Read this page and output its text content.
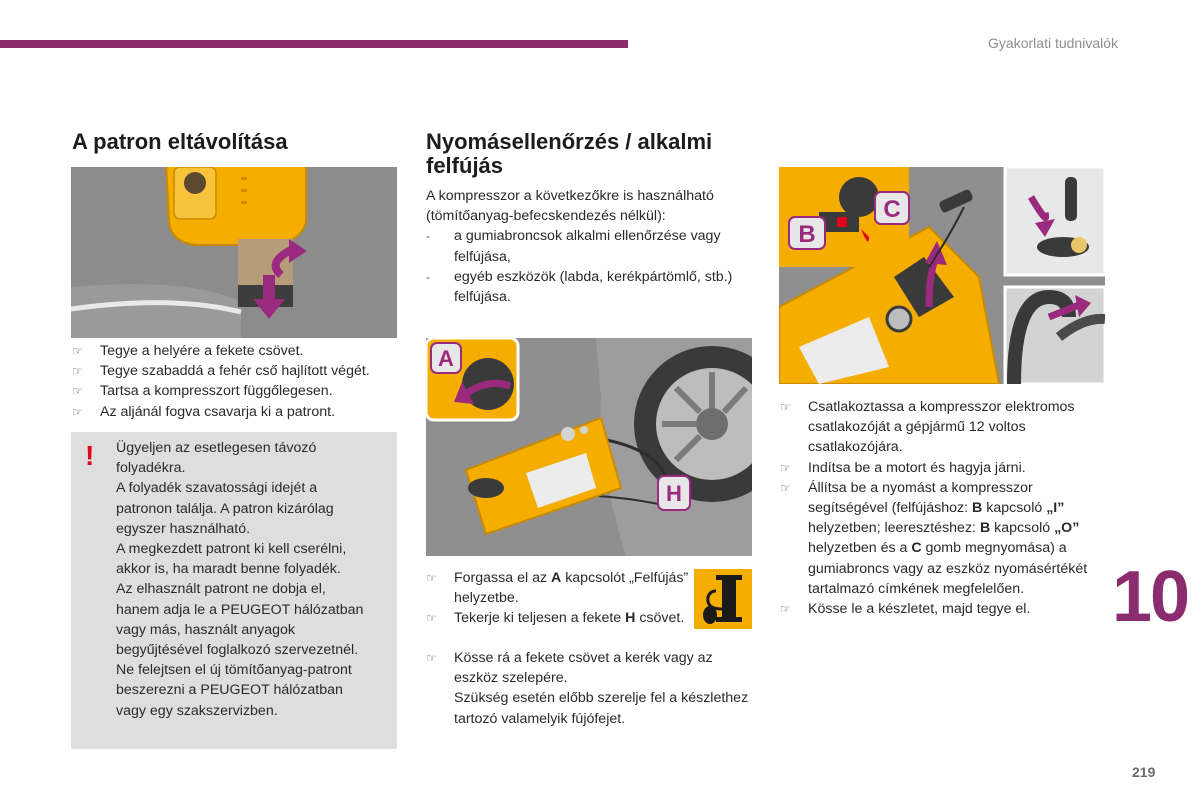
Gyakorlati tudnivalók
A patron eltávolítása
☞ Tegye a helyére a fekete csövet.
☞ Tegye szabaddá a fehér cső hajlított végét.
☞ Tartsa a kompresszort függőlegesen.
☞ Az aljánál fogva csavarja ki a patront.
! Ügyeljen az esetlegesen távozó
folyadékra.
A folyadék szavatossági idejét a
patronon találja. A patron kizárólag
egyszer használható.
A megkezdett patront ki kell cserélni,
akkor is, ha maradt benne folyadék.
Az elhasznált patront ne dobja el,
hanem adja le a PEUGEOT hálózatban
vagy más, használt anyagok
begyűjtésével foglalkozó szervezetnél.
Ne felejtsen el új tömítőanyag-patront
beszerezni a PEUGEOT hálózatban
vagy egy szakszervizben.
Nyomásellenőrzés / alkalmi felfújás
A kompresszor a következőkre is használható (tömítőanyag-befecskendezés nélkül):
- a gumiabroncsok alkalmi ellenőrzése vagy felfújása,
- egyéb eszközök (labda, kerékpártömlő, stb.) felfújása.
A
H
☞ Forgassa el az A kapcsolót „Felfújás” helyzetbe.
☞ Tekerje ki teljesen a fekete H csövet.
☞ Kösse rá a fekete csövet a kerék vagy az eszköz szelepére.
Szükség esetén előbb szerelje fel a készlethez tartozó valamelyik fújófejet.
B
C
☞ Csatlakoztassa a kompresszor elektromos csatlakozóját a gépjármű 12 voltos csatlakozójára.
☞ Indítsa be a motort és hagyja járni.
☞ Állítsa be a nyomást a kompresszor segítségével (felfújáshoz: B kapcsoló „I” helyzetben; leeresztéshez: B kapcsoló „O” helyzetben és a C gomb megnyomása) a gumiabroncs vagy az eszköz nyomásértékét tartalmazó címkének megfelelően.
☞ Kösse le a készletet, majd tegye el.	10
219
